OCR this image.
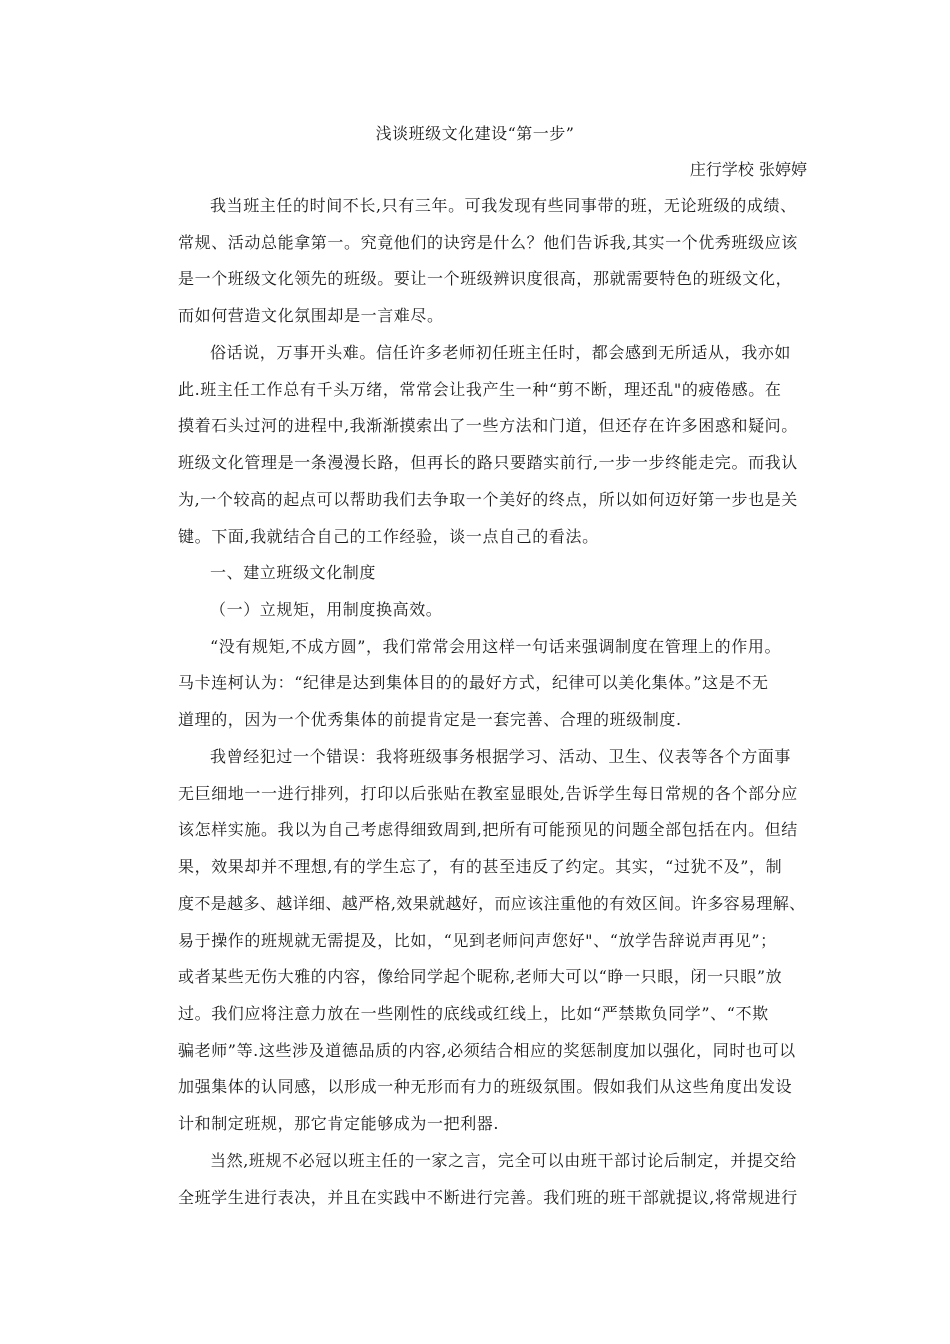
浅谈班级文化建设“第一步”
庄行学校 张婷婷
我当班主任的时间不长,只有三年。可我发现有些同事带的班，无论班级的成绩、
常规、活动总能拿第一。究竟他们的诀窍是什么？他们告诉我,其实一个优秀班级应该
是一个班级文化领先的班级。要让一个班级辨识度很高，那就需要特色的班级文化，
而如何营造文化氛围却是一言难尽。
俗话说，万事开头难。信任许多老师初任班主任时，都会感到无所适从，我亦如
此.班主任工作总有千头万绪，常常会让我产生一种“剪不断，理还乱"的疲倦感。在
摸着石头过河的进程中,我渐渐摸索出了一些方法和门道，但还存在许多困惑和疑问。
班级文化管理是一条漫漫长路，但再长的路只要踏实前行,一步一步终能走完。而我认
为,一个较高的起点可以帮助我们去争取一个美好的终点，所以如何迈好第一步也是关
键。下面,我就结合自己的工作经验，谈一点自己的看法。
一、建立班级文化制度
（一）立规矩，用制度换高效。
“没有规矩,不成方圆”，我们常常会用这样一句话来强调制度在管理上的作用。
马卡连柯认为：“纪律是达到集体目的的最好方式，纪律可以美化集体。”这是不无
道理的，因为一个优秀集体的前提肯定是一套完善、合理的班级制度.
我曾经犯过一个错误：我将班级事务根据学习、活动、卫生、仪表等各个方面事
无巨细地一一进行排列，打印以后张贴在教室显眼处,告诉学生每日常规的各个部分应
该怎样实施。我以为自己考虑得细致周到,把所有可能预见的问题全部包括在内。但结
果，效果却并不理想,有的学生忘了，有的甚至违反了约定。其实，“过犹不及”，制
度不是越多、越详细、越严格,效果就越好，而应该注重他的有效区间。许多容易理解、
易于操作的班规就无需提及，比如，“见到老师问声您好"、“放学告辞说声再见”；
或者某些无伤大雅的内容，像给同学起个昵称,老师大可以“睁一只眼，闭一只眼”放
过。我们应将注意力放在一些刚性的底线或红线上，比如“严禁欺负同学”、“不欺
骗老师”等.这些涉及道德品质的内容,必须结合相应的奖惩制度加以强化，同时也可以
加强集体的认同感，以形成一种无形而有力的班级氛围。假如我们从这些角度出发设
计和制定班规，那它肯定能够成为一把利器.
当然,班规不必冠以班主任的一家之言，完全可以由班干部讨论后制定，并提交给
全班学生进行表决，并且在实践中不断进行完善。我们班的班干部就提议,将常规进行
